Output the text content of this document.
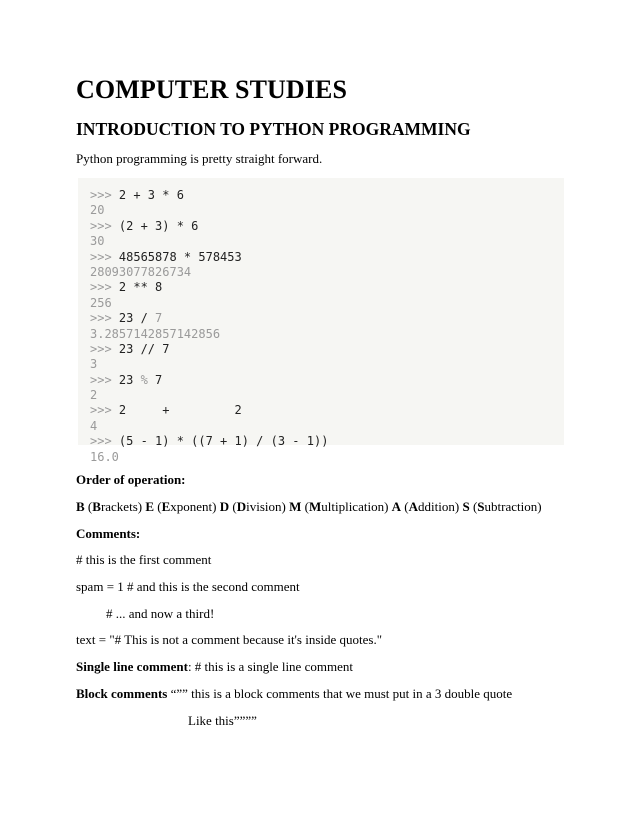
COMPUTER STUDIES
INTRODUCTION TO PYTHON PROGRAMMING

Python programming is pretty straight forward.

>>> 2 + 3 * 6
20
>>> (2 + 3) * 6
30
>>> 48565878 * 578453
28093077826734
>>> 2 ** 8
256
>>> 23 / 7
3.2857142857142856
>>> 23 // 7
3
>>> 23 % 7
2
>>> 2     +         2
4
>>> (5 - 1) * ((7 + 1) / (3 - 1))
16.0

Order of operation:

B (Brackets) E (Exponent) D (Division) M (Multiplication) A (Addition) S (Subtraction)

Comments:

# this is the first comment

spam = 1 # and this is the second comment

# ... and now a third!

text = "# This is not a comment because it's inside quotes."

Single line comment: # this is a single line comment

Block comments “”” this is a block comments that we must put in a 3 double quote

Like this””””
